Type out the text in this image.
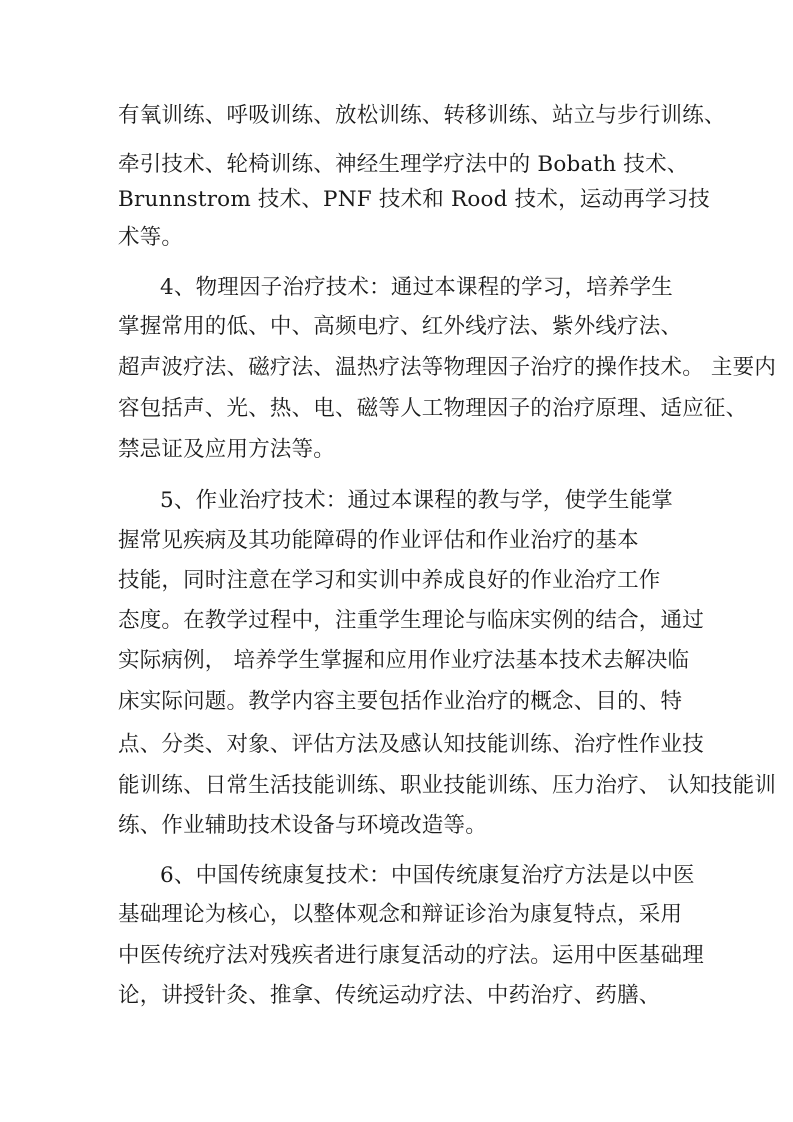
有氧训练、呼吸训练、放松训练、转移训练、站立与步行训练、
牵引技术、轮椅训练、神经生理学疗法中的 Bobath 技术、
Brunnstrom 技术、PNF 技术和 Rood 技术，运动再学习技
术等。
4、物理因子治疗技术：通过本课程的学习，培养学生
掌握常用的低、中、高频电疗、红外线疗法、紫外线疗法、
超声波疗法、磁疗法、温热疗法等物理因子治疗的操作技术。 主要内
容包括声、光、热、电、磁等人工物理因子的治疗原理、适应征、
禁忌证及应用方法等。
5、作业治疗技术：通过本课程的教与学，使学生能掌
握常见疾病及其功能障碍的作业评估和作业治疗的基本
技能，同时注意在学习和实训中养成良好的作业治疗工作
态度。在教学过程中，注重学生理论与临床实例的结合，通过
实际病例， 培养学生掌握和应用作业疗法基本技术去解决临
床实际问题。教学内容主要包括作业治疗的概念、目的、特
点、分类、对象、评估方法及感认知技能训练、治疗性作业技
能训练、日常生活技能训练、职业技能训练、压力治疗、 认知技能训
练、作业辅助技术设备与环境改造等。
6、中国传统康复技术：中国传统康复治疗方法是以中医
基础理论为核心，以整体观念和辩证诊治为康复特点，采用
中医传统疗法对残疾者进行康复活动的疗法。运用中医基础理
论，讲授针灸、推拿、传统运动疗法、中药治疗、药膳、
